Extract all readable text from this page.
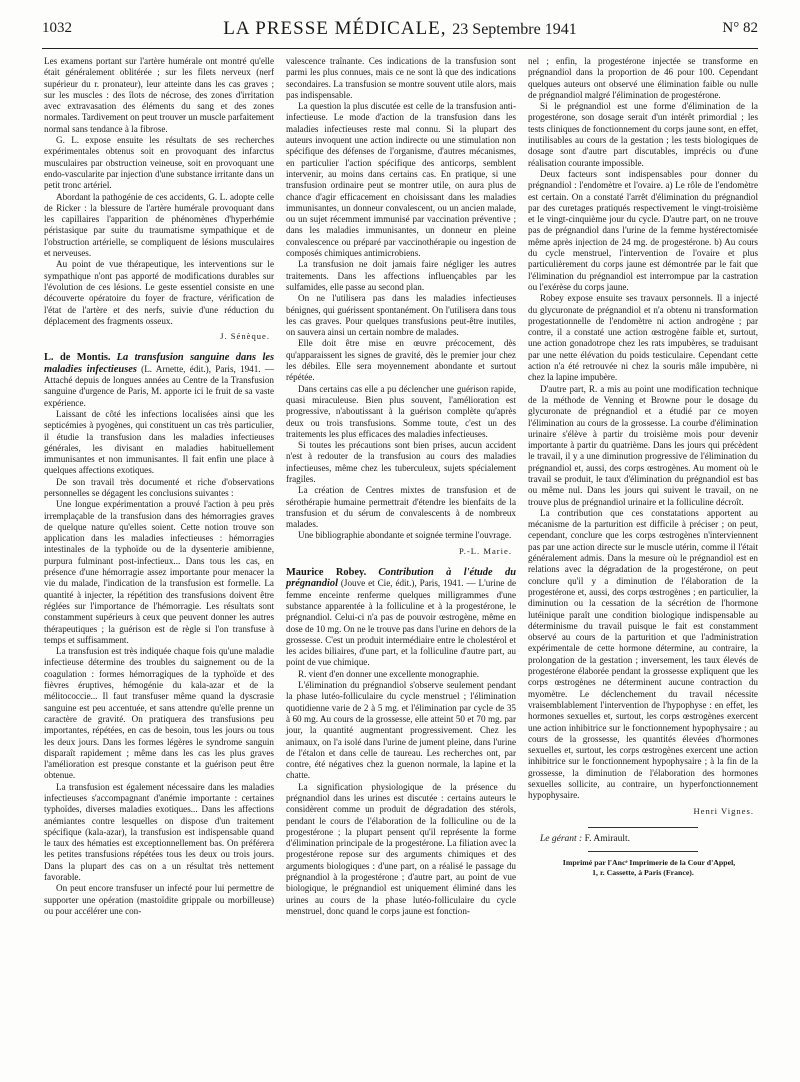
1032	LA PRESSE MÉDICALE, 23 Septembre 1941	N° 82

Les examens portant sur l'artère humérale ont montré qu'elle était généralement oblitérée ; sur les filets nerveux (nerf supérieur du r. pronateur), leur atteinte dans les cas graves ; sur les muscles : des îlots de nécrose, des zones d'irritation avec extravasation des éléments du sang et des zones normales. Tardivement on peut trouver un muscle parfaitement normal sans tendance à la fibrose.

G. L. expose ensuite les résultats de ses recherches expérimentales obtenus soit en provoquant des infarctus musculaires par obstruction veineuse, soit en provoquant une endo-vascularite par injection d'une substance irritante dans un petit tronc artériel.

Abordant la pathogénie de ces accidents, G. L. adopte celle de Ricker : la blessure de l'artère humérale provoquant dans les capillaires l'apparition de phénomènes d'hyperhémie péristasique par suite du traumatisme sympathique et de l'obstruction artérielle, se compliquent de lésions musculaires et nerveuses.

Au point de vue thérapeutique, les interventions sur le sympathique n'ont pas apporté de modifications durables sur l'évolution de ces lésions. Le geste essentiel consiste en une découverte opératoire du foyer de fracture, vérification de l'état de l'artère et des nerfs, suivie d'une réduction du déplacement des fragments osseux.

J. Sénèque.

L. de Montis. La transfusion sanguine dans les maladies infectieuses (L. Arnette, édit.), Paris, 1941. — Attaché depuis de longues années au Centre de la Transfusion sanguine d'urgence de Paris, M. apporte ici le fruit de sa vaste expérience.

Laissant de côté les infections localisées ainsi que les septicémies à pyogènes, qui constituent un cas très particulier, il étudie la transfusion dans les maladies infectieuses générales, les divisant en maladies habituellement immunisantes et non immunisantes. Il fait enfin une place à quelques affections exotiques.

De son travail très documenté et riche d'observations personnelles se dégagent les conclusions suivantes :

Une longue expérimentation a prouvé l'action à peu près irremplaçable de la transfusion dans des hémorragies graves de quelque nature qu'elles soient. Cette notion trouve son application dans les maladies infectieuses : hémorragies intestinales de la typhoïde ou de la dysenterie amibienne, purpura fulminant post-infectieux... Dans tous les cas, en présence d'une hémorragie assez importante pour menacer la vie du malade, l'indication de la transfusion est formelle. La quantité à injecter, la répétition des transfusions doivent être réglées sur l'importance de l'hémorragie. Les résultats sont constamment supérieurs à ceux que peuvent donner les autres thérapeutiques ; la guérison est de règle si l'on transfuse à temps et suffisamment.

La transfusion est très indiquée chaque fois qu'une maladie infectieuse détermine des troubles du saignement ou de la coagulation : formes hémorragiques de la typhoïde et des fièvres éruptives, hémogénie du kala-azar et de la mélitococcie... Il faut transfuser même quand la dyscrasie sanguine est peu accentuée, et sans attendre qu'elle prenne un caractère de gravité. On pratiquera des transfusions peu importantes, répétées, en cas de besoin, tous les jours ou tous les deux jours. Dans les formes légères le syndrome sanguin disparaît rapidement ; même dans les cas les plus graves l'amélioration est presque constante et la guérison peut être obtenue.

La transfusion est également nécessaire dans les maladies infectieuses s'accompagnant d'anémie importante : certaines typhoïdes, diverses maladies exotiques... Dans les affections anémiantes contre lesquelles on dispose d'un traitement spécifique (kala-azar), la transfusion est indispensable quand le taux des hématies est exceptionnellement bas. On préférera les petites transfusions répétées tous les deux ou trois jours. Dans la plupart des cas on a un résultat très nettement favorable.

On peut encore transfuser un infecté pour lui permettre de supporter une opération (mastoïdite grippale ou morbilleuse) ou pour accélérer une con-

valescence traînante. Ces indications de la transfusion sont parmi les plus connues, mais ce ne sont là que des indications secondaires. La transfusion se montre souvent utile alors, mais pas indispensable.

La question la plus discutée est celle de la transfusion anti-infectieuse. Le mode d'action de la transfusion dans les maladies infectieuses reste mal connu. Si la plupart des auteurs invoquent une action indirecte ou une stimulation non spécifique des défenses de l'organisme, d'autres mécanismes, en particulier l'action spécifique des anticorps, semblent intervenir, au moins dans certains cas. En pratique, si une transfusion ordinaire peut se montrer utile, on aura plus de chance d'agir efficacement en choisissant dans les maladies immunisantes, un donneur convalescent, ou un ancien malade, ou un sujet récemment immunisé par vaccination préventive ; dans les maladies immunisantes, un donneur en pleine convalescence ou préparé par vaccinothérapie ou ingestion de composés chimiques antimicrobiens.

La transfusion ne doit jamais faire négliger les autres traitements. Dans les affections influençables par les sulfamides, elle passe au second plan.

On ne l'utilisera pas dans les maladies infectieuses bénignes, qui guérissent spontanément. On l'utilisera dans tous les cas graves. Pour quelques transfusions peut-être inutiles, on sauvera ainsi un certain nombre de malades.

Elle doit être mise en œuvre précocement, dès qu'apparaissent les signes de gravité, dès le premier jour chez les débiles. Elle sera moyennement abondante et surtout répétée.

Dans certains cas elle a pu déclencher une guérison rapide, quasi miraculeuse. Bien plus souvent, l'amélioration est progressive, n'aboutissant à la guérison complète qu'après deux ou trois transfusions. Somme toute, c'est un des traitements les plus efficaces des maladies infectieuses.

Si toutes les précautions sont bien prises, aucun accident n'est à redouter de la transfusion au cours des maladies infectieuses, même chez les tuberculeux, sujets spécialement fragiles.

La création de Centres mixtes de transfusion et de sérothérapie humaine permettrait d'étendre les bienfaits de la transfusion et du sérum de convalescents à de nombreux malades.

Une bibliographie abondante et soignée termine l'ouvrage.

P.-L. Marie.

Maurice Robey. Contribution à l'étude du prégnandiol (Jouve et Cie, édit.), Paris, 1941. — L'urine de femme enceinte renferme quelques milligrammes d'une substance apparentée à la folliculine et à la progestérone, le prégnandiol. Celui-ci n'a pas de pouvoir œstrogène, même en dose de 10 mg. On ne le trouve pas dans l'urine en dehors de la grossesse. C'est un produit intermédiaire entre le cholestérol et les acides biliaires, d'une part, et la folliculine d'autre part, au point de vue chimique.

R. vient d'en donner une excellente monographie.

L'élimination du prégnandiol s'observe seulement pendant la phase lutéo-folliculaire du cycle menstruel ; l'élimination quotidienne varie de 2 à 5 mg. et l'élimination par cycle de 35 à 60 mg. Au cours de la grossesse, elle atteint 50 et 70 mg. par jour, la quantité augmentant progressivement. Chez les animaux, on l'a isolé dans l'urine de jument pleine, dans l'urine de l'étalon et dans celle de taureau. Les recherches ont, par contre, été négatives chez la guenon normale, la lapine et la chatte.

La signification physiologique de la présence du prégnandiol dans les urines est discutée : certains auteurs le considèrent comme un produit de dégradation des stérols, pendant le cours de l'élaboration de la folliculine ou de la progestérone ; la plupart pensent qu'il représente la forme d'élimination principale de la progestérone. La filiation avec la progestérone repose sur des arguments chimiques et des arguments biologiques : d'une part, on a réalisé le passage du prégnandiol à la progestérone ; d'autre part, au point de vue biologique, le prégnandiol est uniquement éliminé dans les urines au cours de la phase lutéo-folliculaire du cycle menstruel, donc quand le corps jaune est fonction-

nel ; enfin, la progestérone injectée se transforme en prégnandiol dans la proportion de 46 pour 100. Cependant quelques auteurs ont observé une élimination faible ou nulle de prégnandiol malgré l'élimination de progestérone.

Si le prégnandiol est une forme d'élimination de la progestérone, son dosage serait d'un intérêt primordial ; les tests cliniques de fonctionnement du corps jaune sont, en effet, inutilisables au cours de la gestation ; les tests biologiques de dosage sont d'autre part discutables, imprécis ou d'une réalisation courante impossible.

Deux facteurs sont indispensables pour donner du prégnandiol : l'endomètre et l'ovaire. a) Le rôle de l'endomètre est certain. On a constaté l'arrêt d'élimination du prégnandiol par des curetages pratiqués respectivement le vingt-troisième et le vingt-cinquième jour du cycle. D'autre part, on ne trouve pas de prégnandiol dans l'urine de la femme hystérectomisée même après injection de 24 mg. de progestérone. b) Au cours du cycle menstruel, l'intervention de l'ovaire et plus particulièrement du corps jaune est démontrée par le fait que l'élimination du prégnandiol est interrompue par la castration ou l'exérèse du corps jaune.

Robey expose ensuite ses travaux personnels. Il a injecté du glycuronate de prégnandiol et n'a obtenu ni transformation progestationnelle de l'endomètre ni action androgène ; par contre, il a constaté une action œstrogène faible et, surtout, une action gonadotrope chez les rats impubères, se traduisant par une nette élévation du poids testiculaire. Cependant cette action n'a été retrouvée ni chez la souris mâle impubère, ni chez la lapine impubère.

D'autre part, R. a mis au point une modification technique de la méthode de Venning et Browne pour le dosage du glycuronate de prégnandiol et a étudié par ce moyen l'élimination au cours de la grossesse. La courbe d'élimination urinaire s'élève à partir du troisième mois pour devenir importante à partir du quatrième. Dans les jours qui précèdent le travail, il y a une diminution progressive de l'élimination du prégnandiol et, aussi, des corps œstrogènes. Au moment où le travail se produit, le taux d'élimination du prégnandiol est bas ou même nul. Dans les jours qui suivent le travail, on ne trouve plus de prégnandiol urinaire et la folliculine décroît.

La contribution que ces constatations apportent au mécanisme de la parturition est difficile à préciser ; on peut, cependant, conclure que les corps œstrogènes n'interviennent pas par une action directe sur le muscle utérin, comme il l'était généralement admis. Dans la mesure où le prégnandiol est en relations avec la dégradation de la progestérone, on peut conclure qu'il y a diminution de l'élaboration de la progestérone et, aussi, des corps œstrogènes ; en particulier, la diminution ou la cessation de la sécrétion de l'hormone lutéinique paraît une condition biologique indispensable au déterminisme du travail puisque le fait est constamment observé au cours de la parturition et que l'administration expérimentale de cette hormone détermine, au contraire, la prolongation de la gestation ; inversement, les taux élevés de progestérone élaborée pendant la grossesse expliquent que les corps œstrogènes ne déterminent aucune contraction du myomètre. Le déclenchement du travail nécessite vraisemblablement l'intervention de l'hypophyse : en effet, les hormones sexuelles et, surtout, les corps œstrogènes exercent une action inhibitrice sur le fonctionnement hypophysaire ; au cours de la grossesse, les quantités élevées d'hormones sexuelles et, surtout, les corps œstrogènes exercent une action inhibitrice sur le fonctionnement hypophysaire ; à la fin de la grossesse, la diminution de l'élaboration des hormones sexuelles sollicite, au contraire, un hyperfonctionnement hypophysaire.

Henri Vignes.

Le gérant : F. Amirault.

Imprimé par l'Ancᵉ Imprimerie de la Cour d'Appel,
1, r. Cassette, à Paris (France).
